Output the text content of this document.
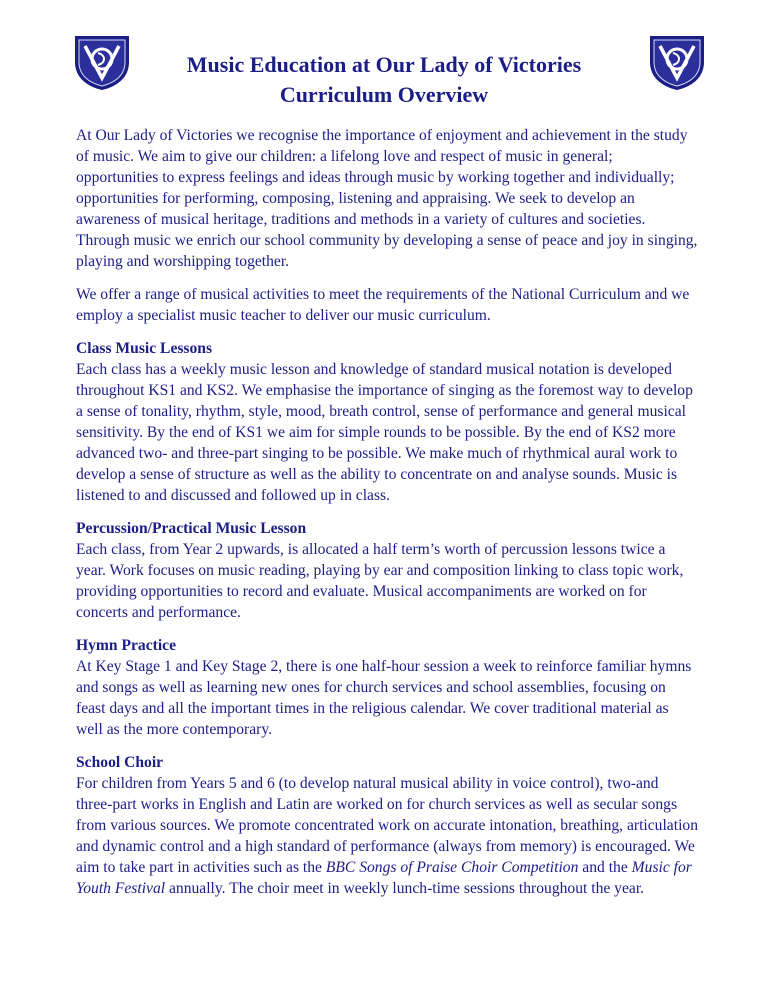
Music Education at Our Lady of Victories
Curriculum Overview

At Our Lady of Victories we recognise the importance of enjoyment and achievement in the study of music. We aim to give our children: a lifelong love and respect of music in general; opportunities to express feelings and ideas through music by working together and individually; opportunities for performing, composing, listening and appraising. We seek to develop an awareness of musical heritage, traditions and methods in a variety of cultures and societies. Through music we enrich our school community by developing a sense of peace and joy in singing, playing and worshipping together.

We offer a range of musical activities to meet the requirements of the National Curriculum and we employ a specialist music teacher to deliver our music curriculum.

Class Music Lessons
Each class has a weekly music lesson and knowledge of standard musical notation is developed throughout KS1 and KS2. We emphasise the importance of singing as the foremost way to develop a sense of tonality, rhythm, style, mood, breath control, sense of performance and general musical sensitivity. By the end of KS1 we aim for simple rounds to be possible. By the end of KS2 more advanced two- and three-part singing to be possible. We make much of rhythmical aural work to develop a sense of structure as well as the ability to concentrate on and analyse sounds. Music is listened to and discussed and followed up in class.
Percussion/Practical Music Lesson
Each class, from Year 2 upwards, is allocated a half term’s worth of percussion lessons twice a year. Work focuses on music reading, playing by ear and composition linking to class topic work, providing opportunities to record and evaluate. Musical accompaniments are worked on for concerts and performance.
Hymn Practice
At Key Stage 1 and Key Stage 2, there is one half-hour session a week to reinforce familiar hymns and songs as well as learning new ones for church services and school assemblies, focusing on feast days and all the important times in the religious calendar. We cover traditional material as well as the more contemporary.
School Choir
For children from Years 5 and 6 (to develop natural musical ability in voice control), two-and three-part works in English and Latin are worked on for church services as well as secular songs from various sources. We promote concentrated work on accurate intonation, breathing, articulation and dynamic control and a high standard of performance (always from memory) is encouraged. We aim to take part in activities such as the BBC Songs of Praise Choir Competition and the Music for Youth Festival annually. The choir meet in weekly lunch-time sessions throughout the year.
